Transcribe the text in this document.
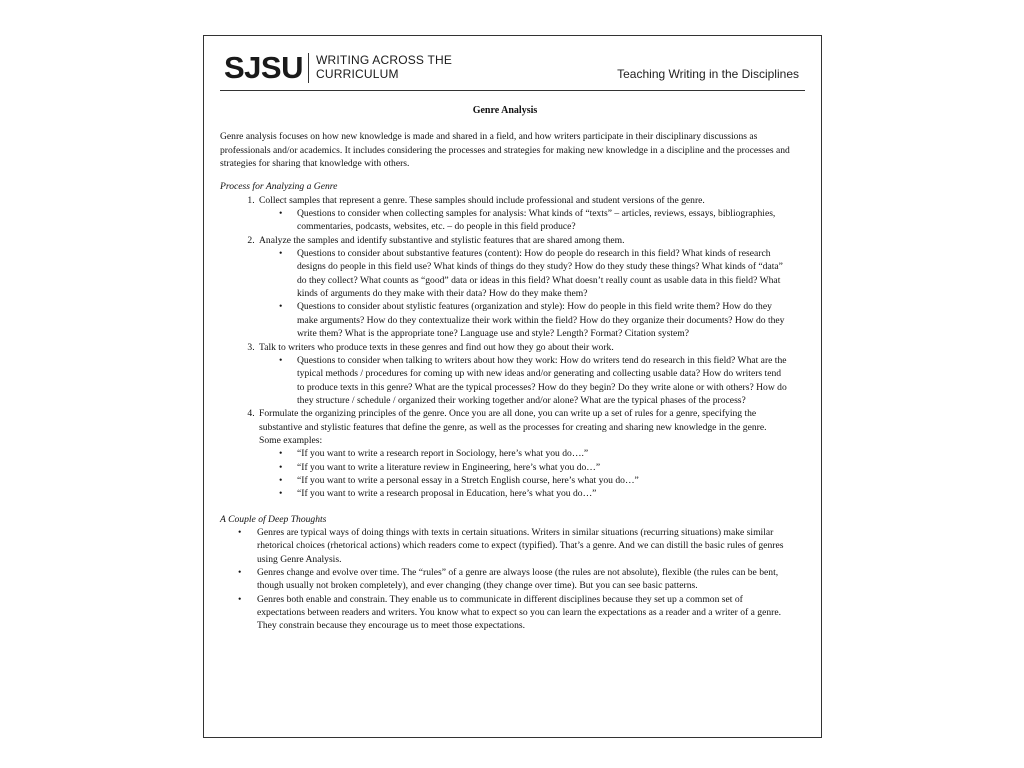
SJSU WRITING ACROSS THE
CURRICULUM	Teaching Writing in the Disciplines
Genre Analysis
Genre analysis focuses on how new knowledge is made and shared in a field, and how writers participate in their disciplinary discussions as professionals and/or academics. It includes considering the processes and strategies for making new knowledge in a discipline and the processes and strategies for sharing that knowledge with others.
Process for Analyzing a Genre
1. Collect samples that represent a genre. These samples should include professional and student versions of the genre.
• Questions to consider when collecting samples for analysis: What kinds of “texts” – articles, reviews, essays, bibliographies, commentaries, podcasts, websites, etc. – do people in this field produce?
2. Analyze the samples and identify substantive and stylistic features that are shared among them.
• Questions to consider about substantive features (content): How do people do research in this field? What kinds of research designs do people in this field use? What kinds of things do they study? How do they study these things? What kinds of “data” do they collect? What counts as “good” data or ideas in this field? What doesn’t really count as usable data in this field? What kinds of arguments do they make with their data? How do they make them?
• Questions to consider about stylistic features (organization and style): How do people in this field write them? How do they make arguments? How do they contextualize their work within the field? How do they organize their documents? How do they write them? What is the appropriate tone? Language use and style? Length? Format? Citation system?
3. Talk to writers who produce texts in these genres and find out how they go about their work.
• Questions to consider when talking to writers about how they work: How do writers tend do research in this field? What are the typical methods / procedures for coming up with new ideas and/or generating and collecting usable data? How do writers tend to produce texts in this genre? What are the typical processes? How do they begin? Do they write alone or with others? How do they structure / schedule / organized their working together and/or alone? What are the typical phases of the process?
4. Formulate the organizing principles of the genre. Once you are all done, you can write up a set of rules for a genre, specifying the substantive and stylistic features that define the genre, as well as the processes for creating and sharing new knowledge in the genre. Some examples:
• “If you want to write a research report in Sociology, here’s what you do….”
• “If you want to write a literature review in Engineering, here’s what you do…”
• “If you want to write a personal essay in a Stretch English course, here’s what you do…”
• “If you want to write a research proposal in Education, here’s what you do…”
A Couple of Deep Thoughts
• Genres are typical ways of doing things with texts in certain situations. Writers in similar situations (recurring situations) make similar rhetorical choices (rhetorical actions) which readers come to expect (typified). That’s a genre. And we can distill the basic rules of genres using Genre Analysis.
• Genres change and evolve over time. The “rules” of a genre are always loose (the rules are not absolute), flexible (the rules can be bent, though usually not broken completely), and ever changing (they change over time). But you can see basic patterns.
• Genres both enable and constrain. They enable us to communicate in different disciplines because they set up a common set of expectations between readers and writers. You know what to expect so you can learn the expectations as a reader and a writer of a genre. They constrain because they encourage us to meet those expectations.
